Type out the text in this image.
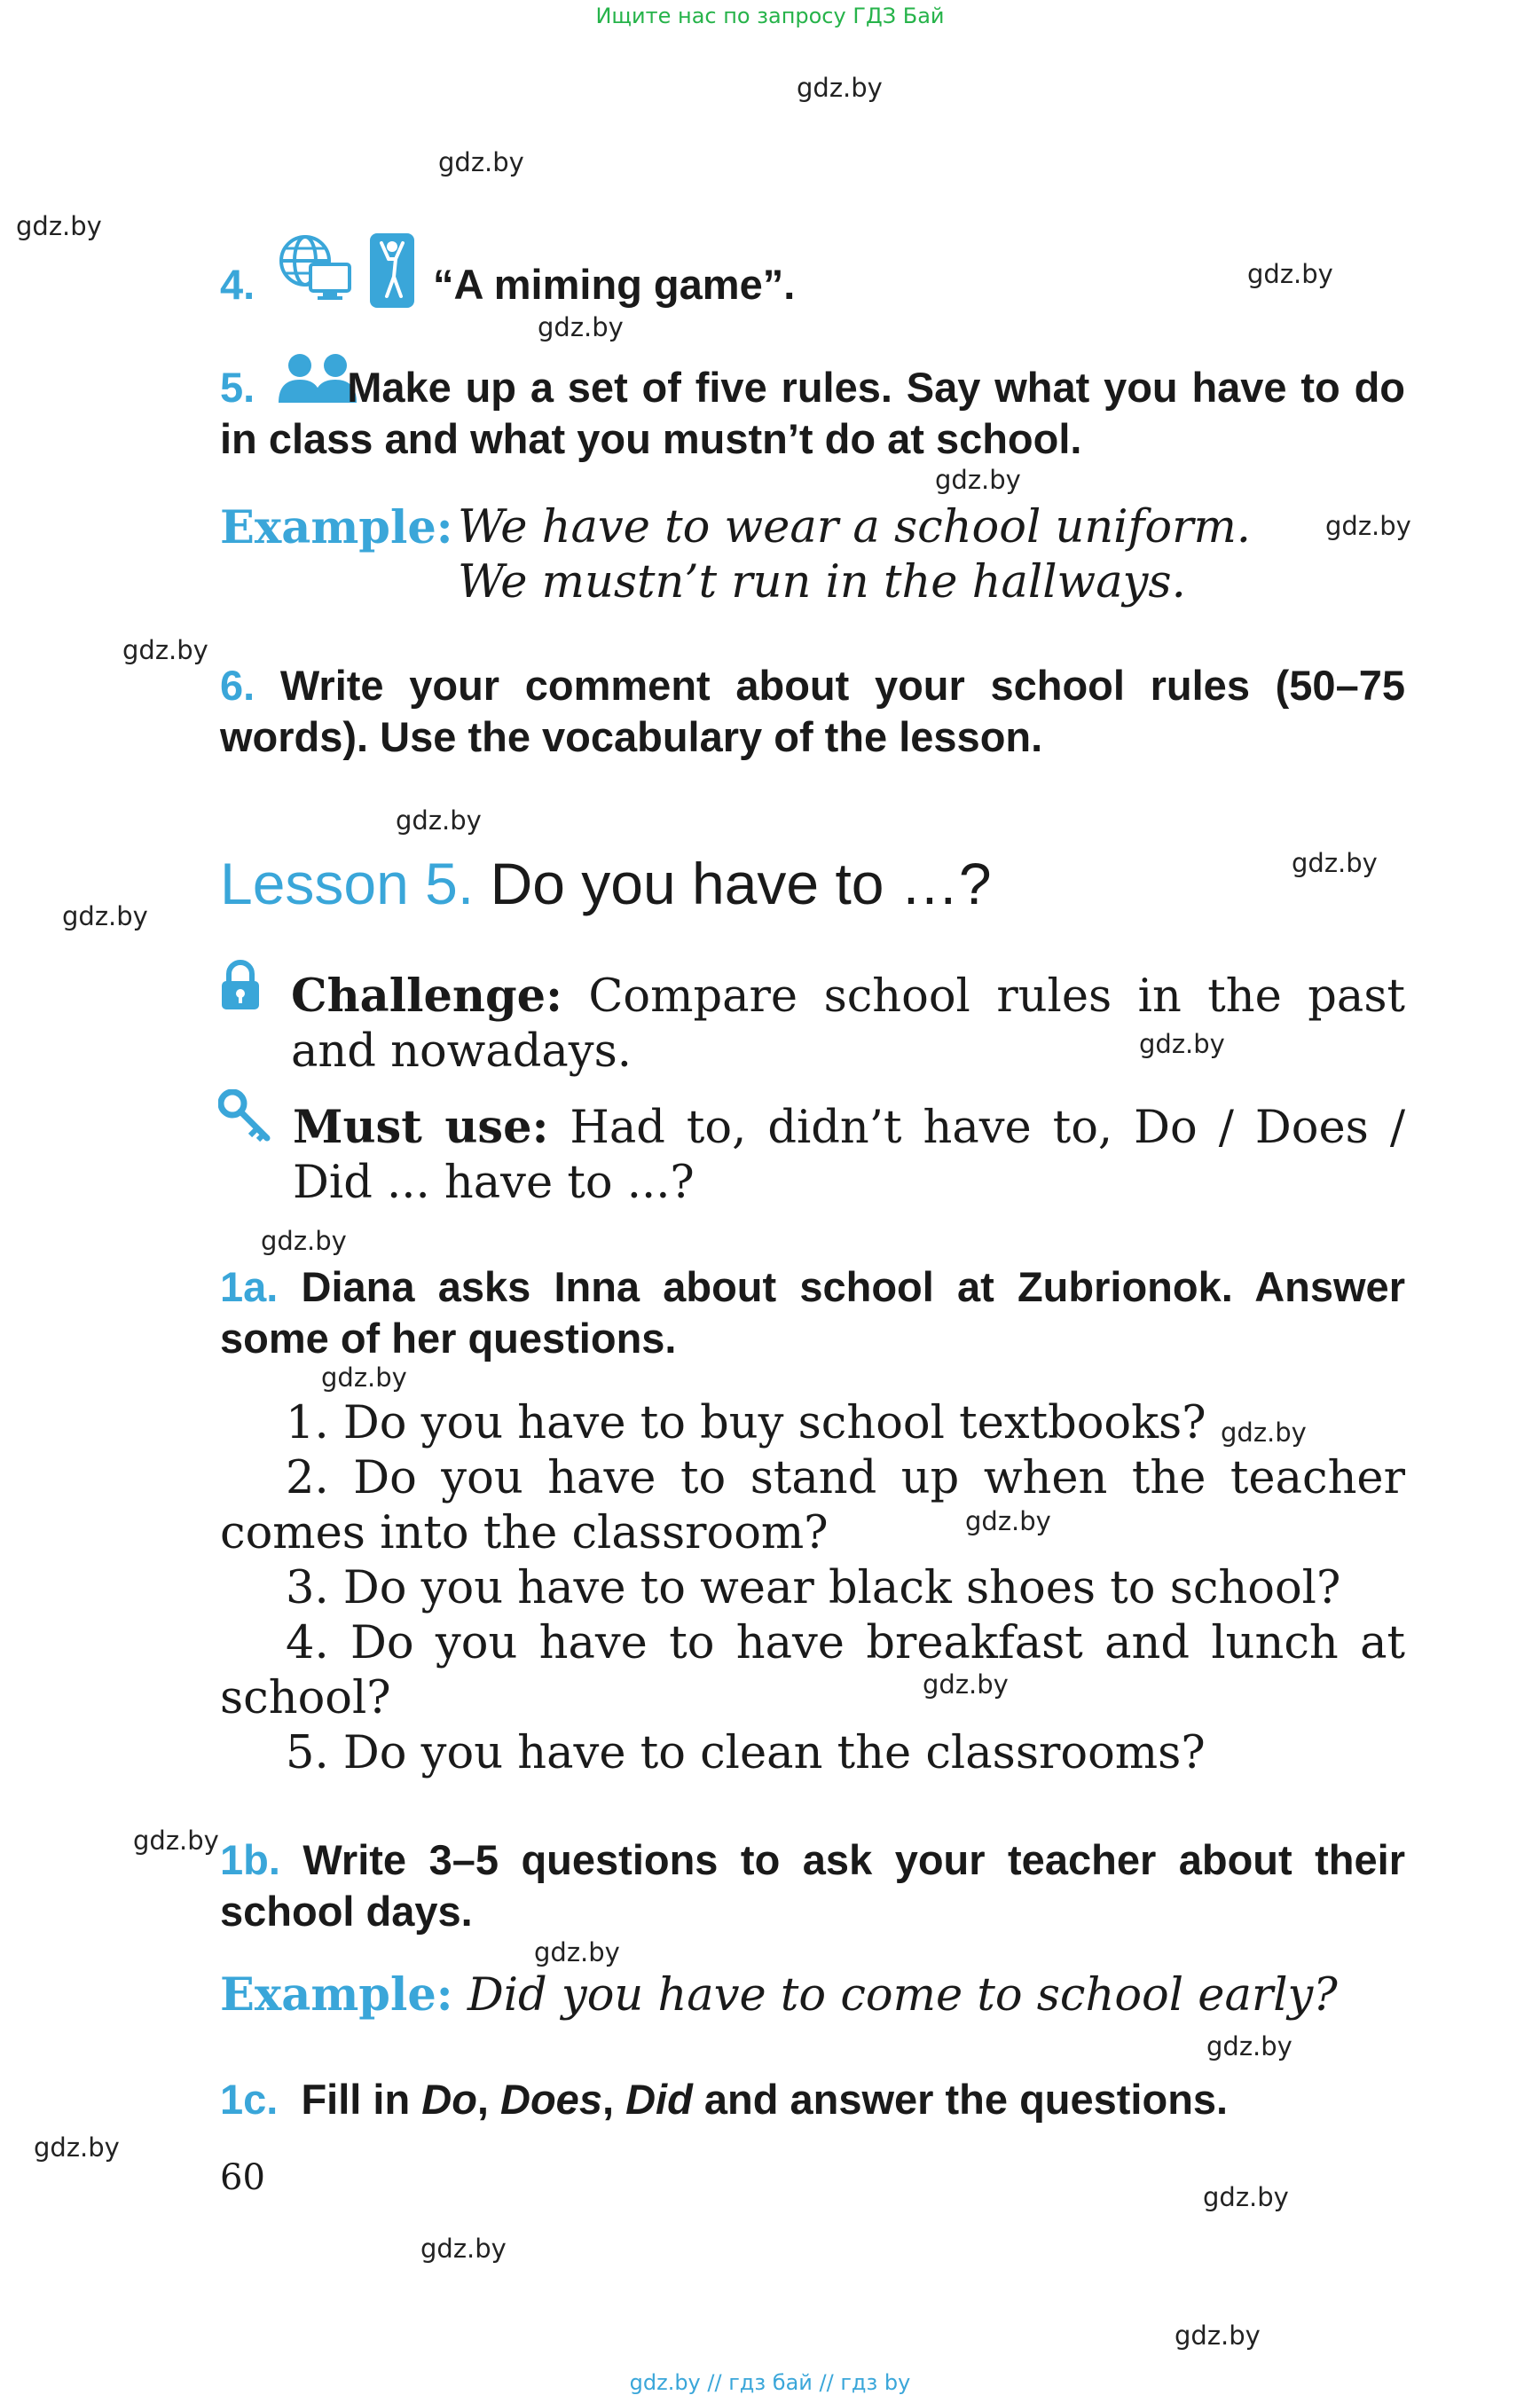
Ищите нас по запросу ГДЗ Бай
gdz.by
gdz.by
gdz.by
gdz.by
gdz.by
gdz.by
gdz.by
gdz.by
gdz.by
gdz.by
gdz.by
gdz.by
gdz.by
gdz.by
gdz.by
gdz.by
gdz.by
gdz.by
gdz.by
gdz.by
gdz.by
gdz.by
gdz.by
gdz.by
4.	“A miming game”.
5. Make up a set of five rules. Say what you have to do in class and what you mustn’t do at school.
Example: We have to wear a school uniform.
We mustn’t run in the hallways.
6. Write your comment about your school rules (50–75 words). Use the vocabulary of the lesson.
Lesson 5. Do you have to …?
Challenge: Compare school rules in the past and nowadays.
Must use: Had to, didn’t have to, Do / Does / Did ... have to ...?
1a. Diana asks Inna about school at Zubrionok. Answer some of her questions.
1. Do you have to buy school textbooks?
2. Do you have to stand up when the teacher comes into the classroom?
3. Do you have to wear black shoes to school?
4. Do you have to have breakfast and lunch at school?
5. Do you have to clean the classrooms?
1b. Write 3–5 questions to ask your teacher about their school days.
Example: Did you have to come to school early?
1c. Fill in Do, Does, Did and answer the questions.
60
gdz.by // гдз бай // гдз by
